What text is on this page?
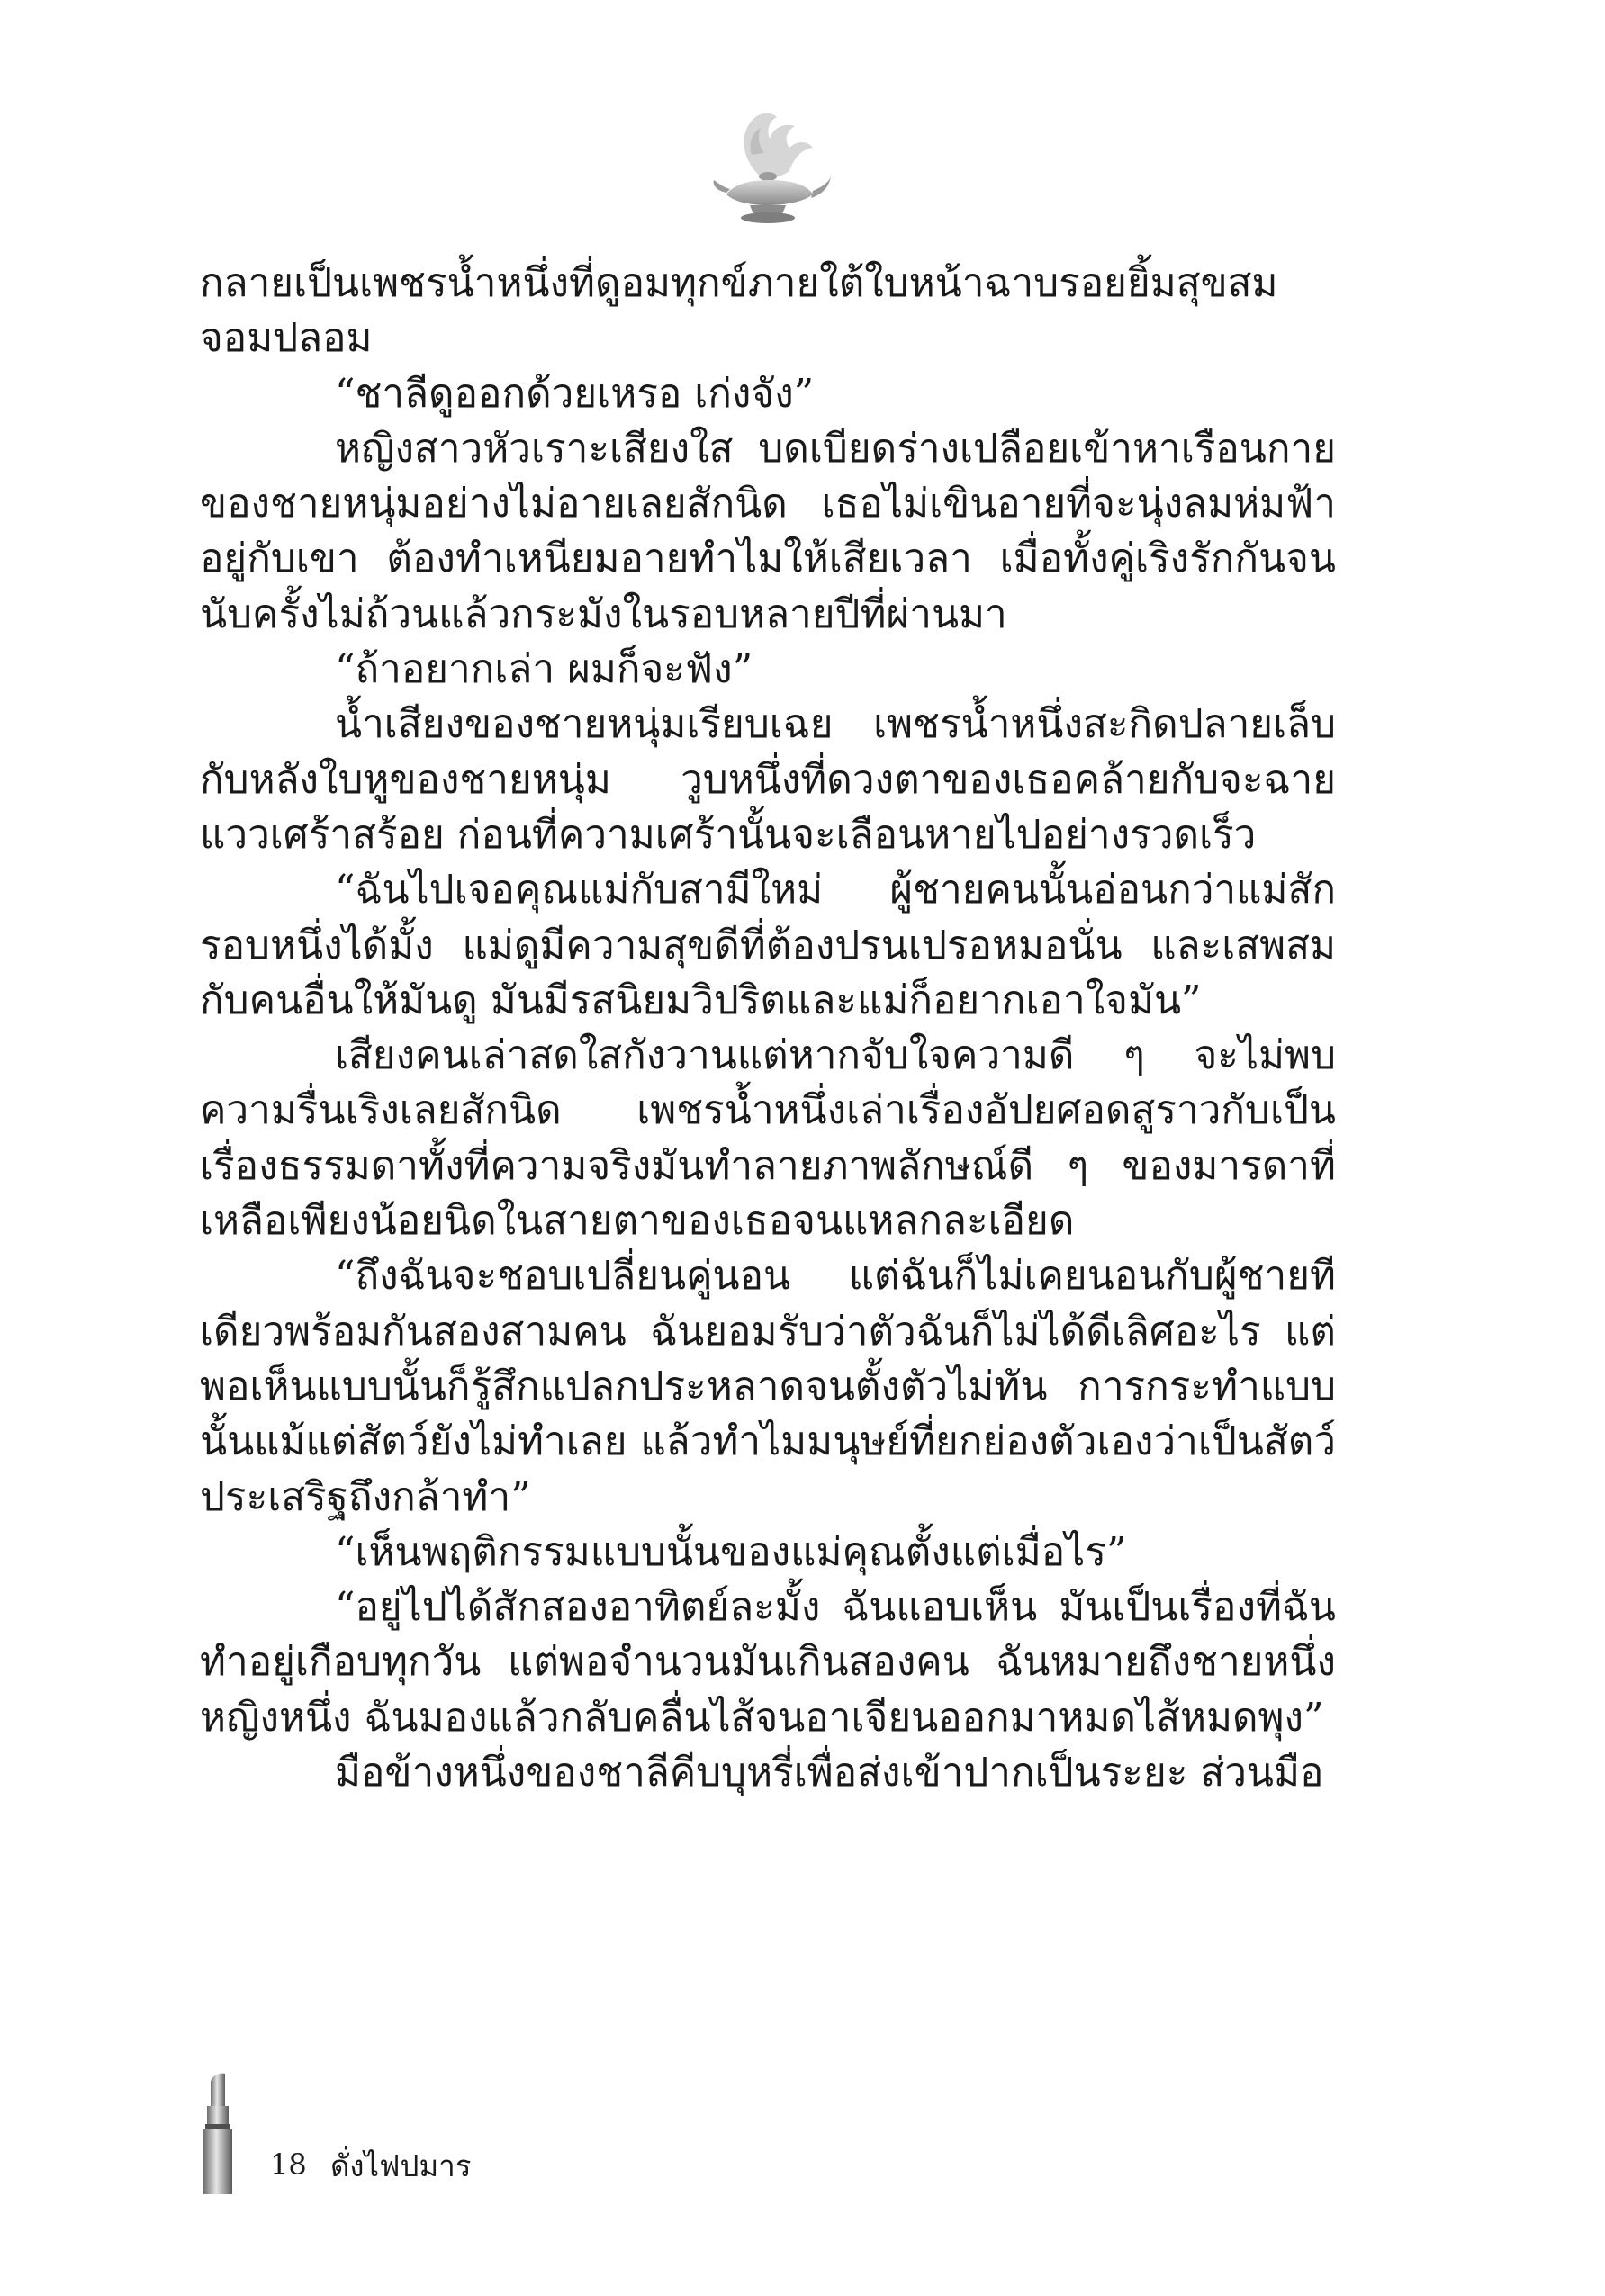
กลายเป็นเพชรน้ำหนึ่งที่ดูอมทุกข์ภายใต้ใบหน้าฉาบรอยยิ้มสุขสม จอมปลอม

“ชาลีดูออกด้วยเหรอ เก่งจัง”

หญิงสาวหัวเราะเสียงใส บดเบียดร่างเปลือยเข้าหาเรือนกายของชายหนุ่มอย่างไม่อายเลยสักนิด เธอไม่เขินอายที่จะนุ่งลมห่มฟ้าอยู่กับเขา ต้องทำเหนียมอายทำไมให้เสียเวลา เมื่อทั้งคู่เริงรักกันจนนับครั้งไม่ถ้วนแล้วกระมังในรอบหลายปีที่ผ่านมา

“ถ้าอยากเล่า ผมก็จะฟัง”

น้ำเสียงของชายหนุ่มเรียบเฉย เพชรน้ำหนึ่งสะกิดปลายเล็บกับหลังใบหูของชายหนุ่ม วูบหนึ่งที่ดวงตาของเธอคล้ายกับจะฉายแววเศร้าสร้อย ก่อนที่ความเศร้านั้นจะเลือนหายไปอย่างรวดเร็ว

“ฉันไปเจอคุณแม่กับสามีใหม่ ผู้ชายคนนั้นอ่อนกว่าแม่สักรอบหนึ่งได้มั้ง แม่ดูมีความสุขดีที่ต้องปรนเปรอหมอนั่น และเสพสมกับคนอื่นให้มันดู มันมีรสนิยมวิปริตและแม่ก็อยากเอาใจมัน”

เสียงคนเล่าสดใสกังวานแต่หากจับใจความดี ๆ จะไม่พบความรื่นเริงเลยสักนิด เพชรน้ำหนึ่งเล่าเรื่องอัปยศอดสูราวกับเป็นเรื่องธรรมดาทั้งที่ความจริงมันทำลายภาพลักษณ์ดี ๆ ของมารดาที่เหลือเพียงน้อยนิดในสายตาของเธอจนแหลกละเอียด

“ถึงฉันจะชอบเปลี่ยนคู่นอน แต่ฉันก็ไม่เคยนอนกับผู้ชายทีเดียวพร้อมกันสองสามคน ฉันยอมรับว่าตัวฉันก็ไม่ได้ดีเลิศอะไร แต่พอเห็นแบบนั้นก็รู้สึกแปลกประหลาดจนตั้งตัวไม่ทัน การกระทำแบบนั้นแม้แต่สัตว์ยังไม่ทำเลย แล้วทำไมมนุษย์ที่ยกย่องตัวเองว่าเป็นสัตว์ประเสริฐถึงกล้าทำ”

“เห็นพฤติกรรมแบบนั้นของแม่คุณตั้งแต่เมื่อไร”

“อยู่ไปได้สักสองอาทิตย์ละมั้ง ฉันแอบเห็น มันเป็นเรื่องที่ฉันทำอยู่เกือบทุกวัน แต่พอจำนวนมันเกินสองคน ฉันหมายถึงชายหนึ่งหญิงหนึ่ง ฉันมองแล้วกลับคลื่นไส้จนอาเจียนออกมาหมดไส้หมดพุง”

มือข้างหนึ่งของชาลีคีบบุหรี่เพื่อส่งเข้าปากเป็นระยะ ส่วนมือ

18 ดั่งไฟปมาร
